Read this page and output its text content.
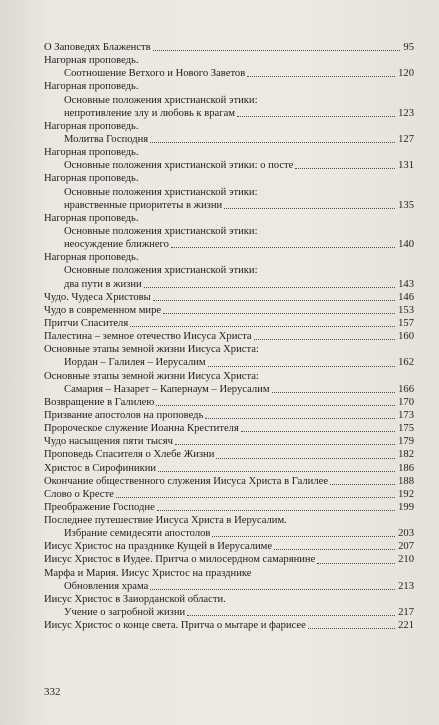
О Заповедях Блаженств	95
Нагорная проповедь.
Соотношение Ветхого и Нового Заветов	120
Нагорная проповедь.
Основные положения христианской этики:
непротивление злу и любовь к врагам	123
Нагорная проповедь.
Молитва Господня	127
Нагорная проповедь.
Основные положения христианской этики: о посте	131
Нагорная проповедь.
Основные положения христианской этики:
нравственные приоритеты в жизни	135
Нагорная проповедь.
Основные положения христианской этики:
неосуждение ближнего	140
Нагорная проповедь.
Основные положения христианской этики:
два пути в жизни	143
Чудо. Чудеса Христовы	146
Чудо в современном мире	153
Притчи Спасителя	157
Палестина – земное отечество Иисуса Христа	160
Основные этапы земной жизни Иисуса Христа:
Иордан – Галилея – Иерусалим	162
Основные этапы земной жизни Иисуса Христа:
Самария – Назарет – Капернаум – Иерусалим	166
Возвращение в Галилею	170
Призвание апостолов на проповедь	173
Пророческое служение Иоанна Крестителя	175
Чудо насыщения пяти тысяч	179
Проповедь Спасителя о Хлебе Жизни	182
Христос в Сирофиникии	186
Окончание общественного служения Иисуса Христа в Галилее	188
Слово о Кресте	192
Преображение Господне	199
Последнее путешествие Иисуса Христа в Иерусалим.
Избрание семидесяти апостолов	203
Иисус Христос на празднике Кущей в Иерусалиме	207
Иисус Христос в Иудее. Притча о милосердном самарянине	210
Марфа и Мария. Иисус Христос на празднике
Обновления храма	213
Иисус Христос в Заиорданской области.
Учение о загробной жизни	217
Иисус Христос о конце света. Притча о мытаре и фарисее	221
332
